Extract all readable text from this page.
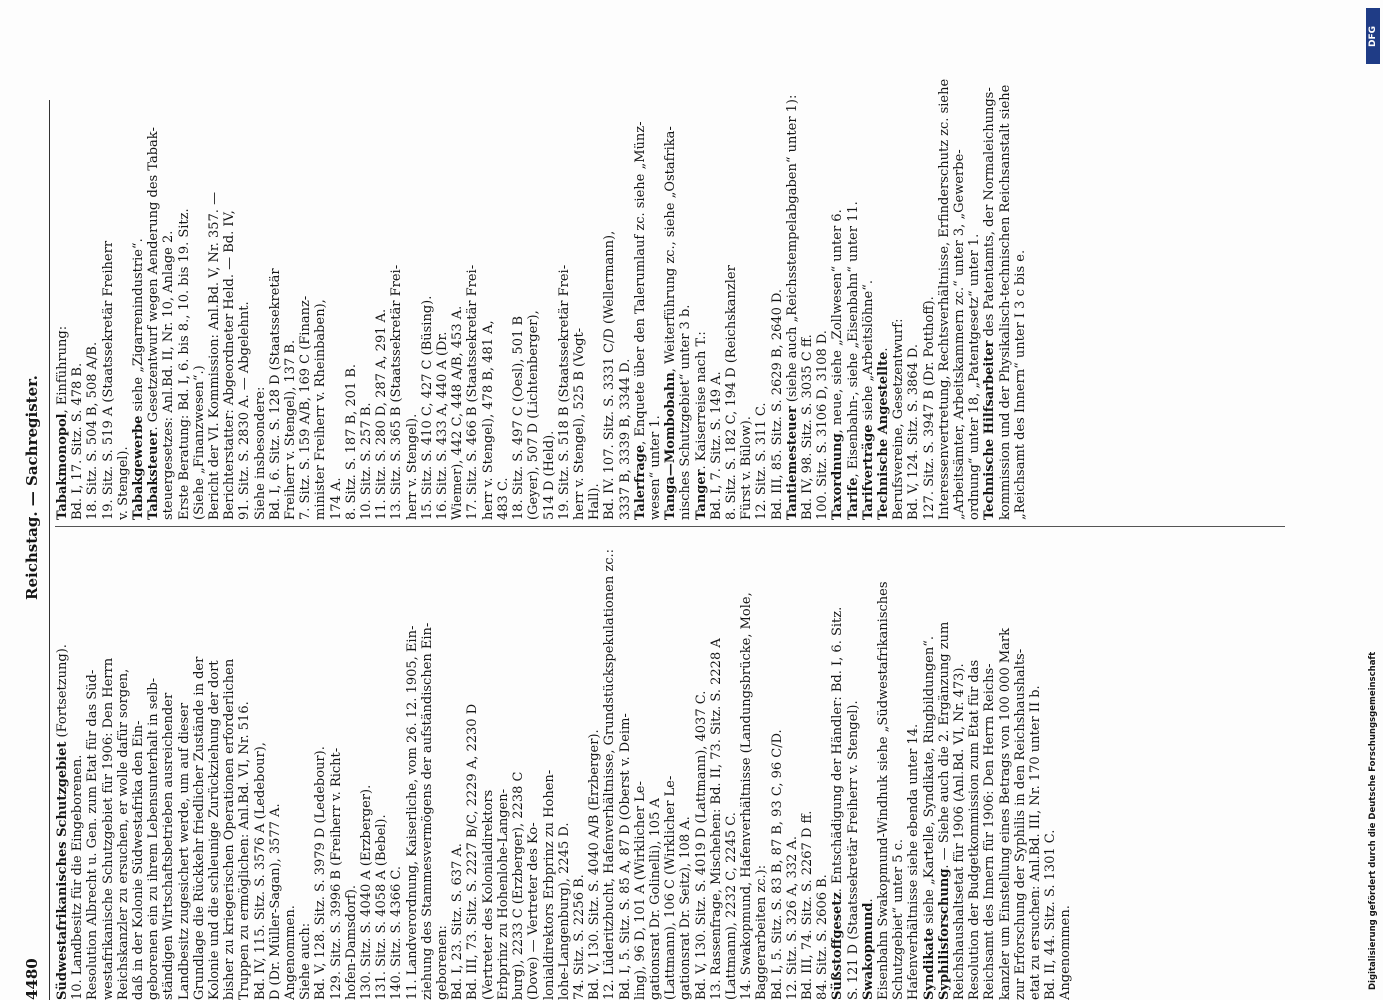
4480
Reichstag. — Sachregister.
Südwestafrikanisches Schutzgebiet (Fortsetzung).
10. Landbesitz für die Eingeborenen. Resolution Albrecht u. Gen. zum Etat für das Süd- westafrikanische Schutzgebiet für 1906: Den Herrn Reichskanzler zu ersuchen, er wolle dafür sorgen, daß in der Kolonie Südwestafrika den Ein- geborenen ein zu ihrem Lebensunterhalt in selb- ständigen Wirtschaftsbetrieben ausreichender Landbesitz zugesichert werde, um auf dieser Grundlage die Rückkehr friedlicher Zustände in der Kolonie und die schleunige Zurückziehung der dort bisher zu kriegerischen Operationen erforderlichen Truppen zu ermöglichen: Anl.Bd. VI, Nr. 516. Bd. IV, 115. Sitz. S. 3576 A (Ledebour), D (Dr. Müller-Sagan), 3577 A. Angenommen. Siehe auch: Bd. V, 128. Sitz. S. 3979 D (Ledebour). 129. Sitz. S. 3996 B (Freiherr v. Richt- hofen-Damsdorf). 130. Sitz. S. 4040 A (Erzberger). 131. Sitz. S. 4058 A (Bebel). 140. Sitz. S. 4366 C. 11. Landverordnung, Kaiserliche, vom 26. 12. 1905, Ein- ziehung des Stammesvermögens der aufständischen Ein- geborenen: Bd. I, 23. Sitz. S. 637 A. Bd. III, 73. Sitz. S. 2227 B/C, 2229 A, 2230 D (Vertreter des Kolonialdirektors Erbprinz zu Hohenlohe-Langen- burg), 2233 C (Erzberger), 2238 C (Dove) — Vertreter des Ko- lonialdirektors Erbprinz zu Hohen- lohe-Langenburg), 2245 D. 74. Sitz. S. 2256 B. Bd. V, 130. Sitz. S. 4040 A/B (Erzberger). 12. Lüderitzbucht, Hafenverhältnisse, Grundstückspekulationen zc.: Bd. I, 5. Sitz. S. 85 A, 87 D (Oberst v. Deim- ling), 96 D, 101 A (Wirklicher Le- gationsrat Dr. Golinelli), 105 A (Lattmann), 106 C (Wirklicher Le- gationsrat Dr. Seitz), 108 A. Bd. V, 130. Sitz. S. 4019 D (Lattmann), 4037 C. 13. Rassenfrage, Mischehen: Bd. II, 73. Sitz. S. 2228 A (Lattmann), 2232 C, 2245 C. 14. Swakopmund, Hafenverhältnisse (Landungsbrücke, Mole, Baggerarbeiten zc.): Bd. I, 5. Sitz. S. 83 B, 87 B, 93 C, 96 C/D. 12. Sitz. S. 326 A, 332 A. Bd. III, 74. Sitz. S. 2267 D ff. 84. Sitz. S. 2606 B. Süßstoffgesetz. Entschädigung der Händler: Bd. I, 6. Sitz. S. 121 D (Staatssekretär Freiherr v. Stengel). Swakopmund. Eisenbahn Swakopmund-Windhuk siehe „Südwestafrikanisches Schutzgebiet“ unter 5 c. Hafenverhältnisse siehe ebenda unter 14. Syndikate siehe „Kartelle, Syndikate, Ringbildungen“.
Syphilisforschung. — Siehe auch die 2. Ergänzung zum Reichshaushaltsetat für 1906 (Anl.Bd. VI, Nr. 473). Resolution der Budgetkommission zum Etat für das Reichsamt des Innern für 1906: Den Herrn Reichs- kanzler um Einstellung eines Betrags von 100 000 Mark zur Erforschung der Syphilis in den Reichshaushalts- etat zu ersuchen: Anl.Bd. III, Nr. 170 unter II b. Bd. II, 44. Sitz. S. 1301 C. Angenommen.
Tabakmonopol, Einführung: Bd. I, 17. Sitz. S. 478 B. 18. Sitz. S. 504 B, 508 A/B. 19. Sitz. S. 519 A (Staatssekretär Freiherr v. Stengel). Tabakgewerbe siehe „Zigarrenindustrie“.
Tabaksteuer. Gesetzentwurf wegen Aenderung des Tabak- steuergesetzes: Anl.Bd. II, Nr. 10, Anlage 2. Erste Beratung: Bd. I, 6. bis 8., 10. bis 19. Sitz. (Siehe „Finanzwesen“.) Bericht der VI. Kommission: Anl.Bd. V, Nr. 357. — Berichterstatter: Abgeordneter Held. — Bd. IV, 91. Sitz. S. 2830 A. — Abgelehnt. Siehe insbesondere: Bd. I, 6. Sitz. S. 128 D (Staatssekretär Freiherr v. Stengel), 137 B. 7. Sitz. S. 159 A/B, 169 C (Finanz- minister Freiherr v. Rheinbaben), 174 A. 8. Sitz. S. 187 B, 201 B. 10. Sitz. S. 257 B. 11. Sitz. S. 280 D, 287 A, 291 A. 13. Sitz. S. 365 B (Staatssekretär Frei- herr v. Stengel). 15. Sitz. S. 410 C, 427 C (Büsing). 16. Sitz. S. 433 A, 440 A (Dr. Wiemer), 442 C, 448 A/B, 453 A. 17. Sitz. S. 466 B (Staatssekretär Frei- herr v. Stengel), 478 B, 481 A, 483 C. 18. Sitz. S. 497 C (Oesl), 501 B (Geyer), 507 D (Lichtenberger), 514 D (Held). 19. Sitz. S. 518 B (Staatssekretär Frei- herr v. Stengel), 525 B (Vogt- Hall). Bd. IV. 107. Sitz. S. 3331 C/D (Wellermann), 3337 B, 3339 B, 3344 D. Talerfrage, Enquete über den Talerumlauf zc. siehe „Münz-
wesen“ unter 1. Tanga—Mombobahn, Weiterführung zc., siehe „Ostafrika-
nisches Schutzgebiet“ unter 3 b. Tanger. Kaiserreise nach T.: Bd. I, 7. Sitz. S. 149 A. 8. Sitz. S. 182 C, 194 D (Reichskanzler Fürst v. Bülow). 12. Sitz. S. 311 C. Bd. III, 85. Sitz. S. 2629 B, 2640 D. Tantiemesteuer (siehe auch „Reichsstempelabgaben“ unter 1):
Bd. IV, 98. Sitz. S. 3035 C ff. 100. Sitz. S. 3106 D, 3108 D. Taxordnung, neue, siehe „Zollwesen“ unter 6.
Tarife, Eisenbahn-, siehe „Eisenbahn“ unter 11. Tarifverträge siehe „Arbeitslöhne“. Technische Angestellte. Berufsvereine, Gesetzentwurf: Bd. V, 124. Sitz. S. 3864 D. 127. Sitz. S. 3947 B (Dr. Potthoff). Interessenvertretung, Rechtsverhältnisse, Erfinderschutz zc. siehe „Arbeitsämter, Arbeitskammern zc.“ unter 3, „Gewerbe- ordnung“ unter 18, „Patentgesetz“ unter 1. Technische Hilfsarbeiter des Patentamts, der Normaleichungs- kommission und der Physikalisch-technischen Reichsanstalt siehe „Reichsamt des Innern“ unter I 3 c bis e.
DFG
Digitalisierung gefördert durch die Deutsche Forschungsgemeinschaft
